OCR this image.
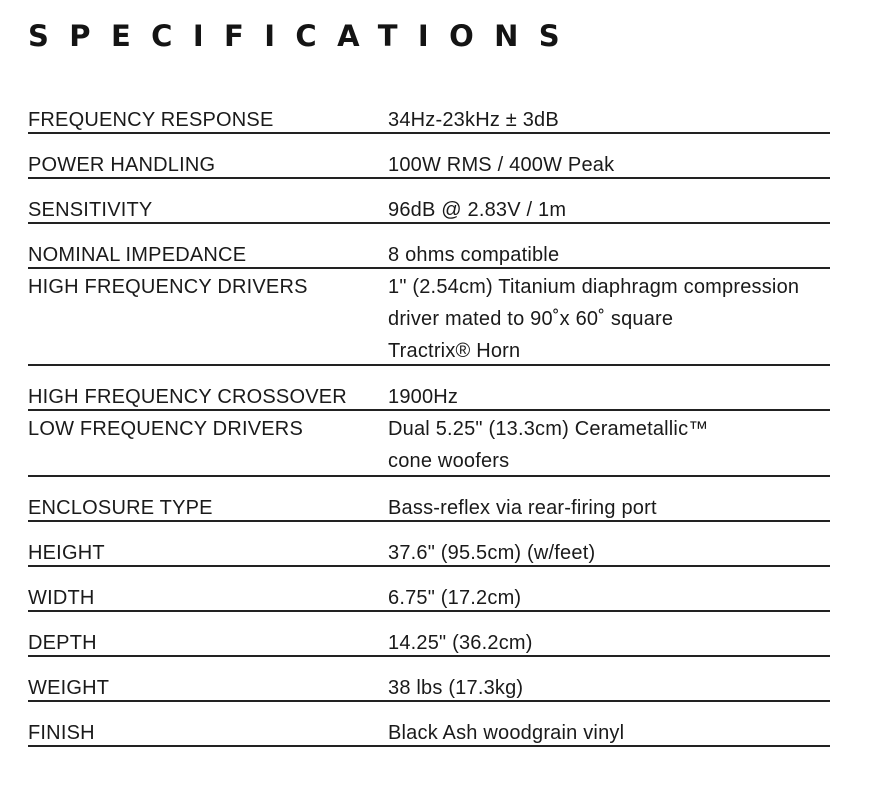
SPECIFICATIONS
FREQUENCY RESPONSE	34Hz-23kHz ± 3dB
POWER HANDLING	100W RMS / 400W Peak
SENSITIVITY	96dB @ 2.83V / 1m
NOMINAL IMPEDANCE	8 ohms compatible
HIGH FREQUENCY DRIVERS	1" (2.54cm) Titanium diaphragm compression
driver mated to 90˚x 60˚ square
Tractrix® Horn
HIGH FREQUENCY CROSSOVER 1900Hz
LOW FREQUENCY DRIVERS	Dual 5.25" (13.3cm) Cerametallic™
cone woofers
ENCLOSURE TYPE	Bass-reflex via rear-firing port
HEIGHT	37.6" (95.5cm) (w/feet)
WIDTH	6.75" (17.2cm)
DEPTH	14.25" (36.2cm)
WEIGHT	38 lbs (17.3kg)
FINISH	Black Ash woodgrain vinyl
